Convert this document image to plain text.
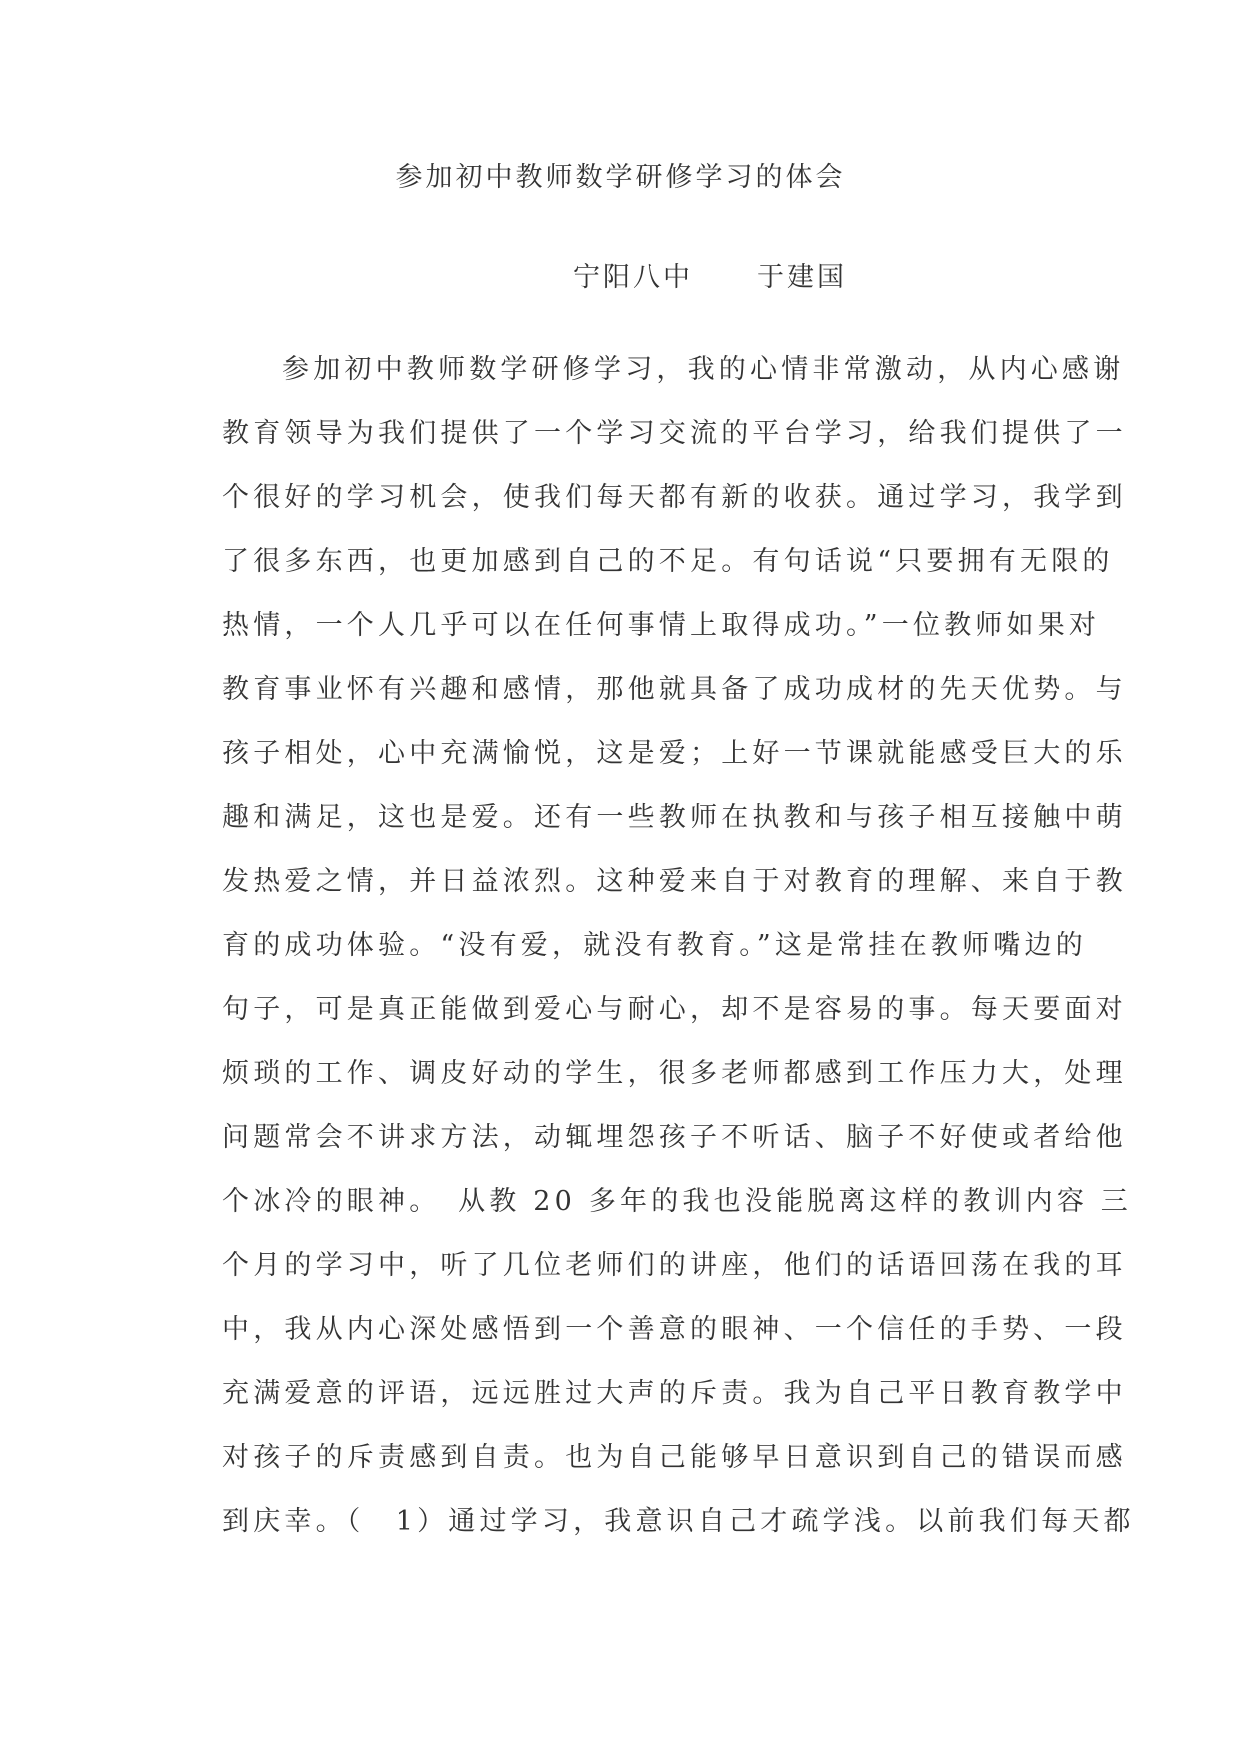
参加初中教师数学研修学习的体会
宁阳八中 于建国
参加初中教师数学研修学习，我的心情非常激动，从内心感谢
教育领导为我们提供了一个学习交流的平台学习，给我们提供了一
个很好的学习机会，使我们每天都有新的收获。通过学习，我学到
了很多东西，也更加感到自己的不足。有句话说“只要拥有无限的
热情，一个人几乎可以在任何事情上取得成功。”一位教师如果对
教育事业怀有兴趣和感情，那他就具备了成功成材的先天优势。与
孩子相处，心中充满愉悦，这是爱；上好一节课就能感受巨大的乐
趣和满足，这也是爱。还有一些教师在执教和与孩子相互接触中萌
发热爱之情，并日益浓烈。这种爱来自于对教育的理解、来自于教
育的成功体验。“没有爱，就没有教育。”这是常挂在教师嘴边的
句子，可是真正能做到爱心与耐心，却不是容易的事。每天要面对
烦琐的工作、调皮好动的学生，很多老师都感到工作压力大，处理
问题常会不讲求方法，动辄埋怨孩子不听话、脑子不好使或者给他
个冰冷的眼神。　从教 20 多年的我也没能脱离这样的教训内容 三
个月的学习中，听了几位老师们的讲座，他们的话语回荡在我的耳
中，我从内心深处感悟到一个善意的眼神、一个信任的手势、一段
充满爱意的评语，远远胜过大声的斥责。我为自己平日教育教学中
对孩子的斥责感到自责。也为自己能够早日意识到自己的错误而感
到庆幸。（　1）通过学习，我意识自己才疏学浅。以前我们每天都
